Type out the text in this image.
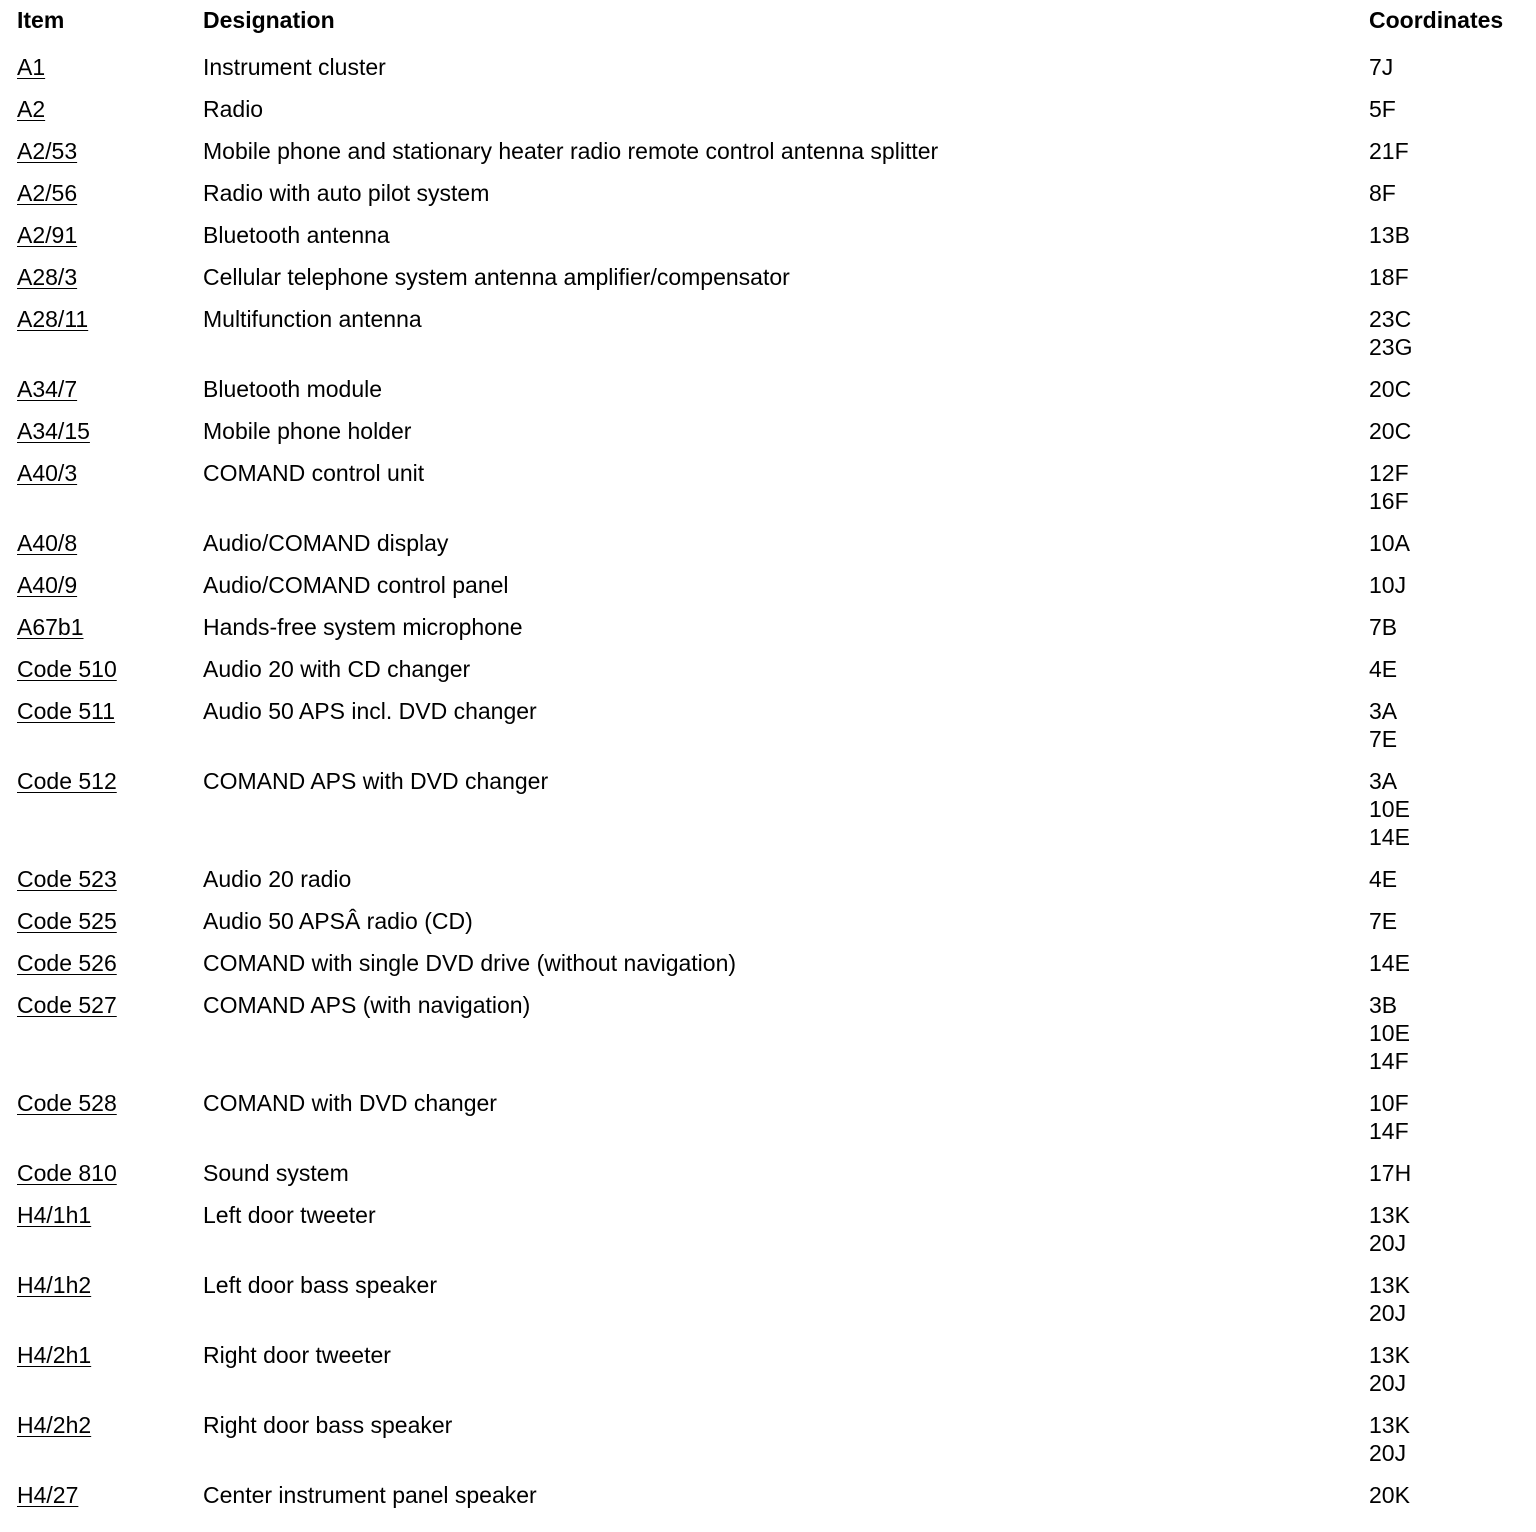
Item	Designation	Coordinates
A1	Instrument cluster	7J

A2	Radio	5F

A2/53	Mobile phone and stationary heater radio remote control antenna splitter	21F

A2/56	Radio with auto pilot system	8F

A2/91	Bluetooth antenna	13B

A28/3	Cellular telephone system antenna amplifier/compensator	18F

A28/11	Multifunction antenna	23C
23G

A34/7	Bluetooth module	20C

A34/15	Mobile phone holder	20C

A40/3	COMAND control unit	12F
16F

A40/8	Audio/COMAND display	10A

A40/9	Audio/COMAND control panel	10J

A67b1	Hands-free system microphone	7B

Code 510	Audio 20 with CD changer	4E

Code 511	Audio 50 APS incl. DVD changer	3A
7E

Code 512	COMAND APS with DVD changer	3A
10E
14E

Code 523	Audio 20 radio	4E

Code 525	Audio 50 APSÂ radio (CD)	7E

Code 526	COMAND with single DVD drive (without navigation)	14E

Code 527	COMAND APS (with navigation)	3B
10E
14F

Code 528	COMAND with DVD changer	10F
14F

Code 810	Sound system	17H

H4/1h1	Left door tweeter	13K
20J

H4/1h2	Left door bass speaker	13K
20J

H4/2h1	Right door tweeter	13K
20J

H4/2h2	Right door bass speaker	13K
20J

H4/27	Center instrument panel speaker	20K
